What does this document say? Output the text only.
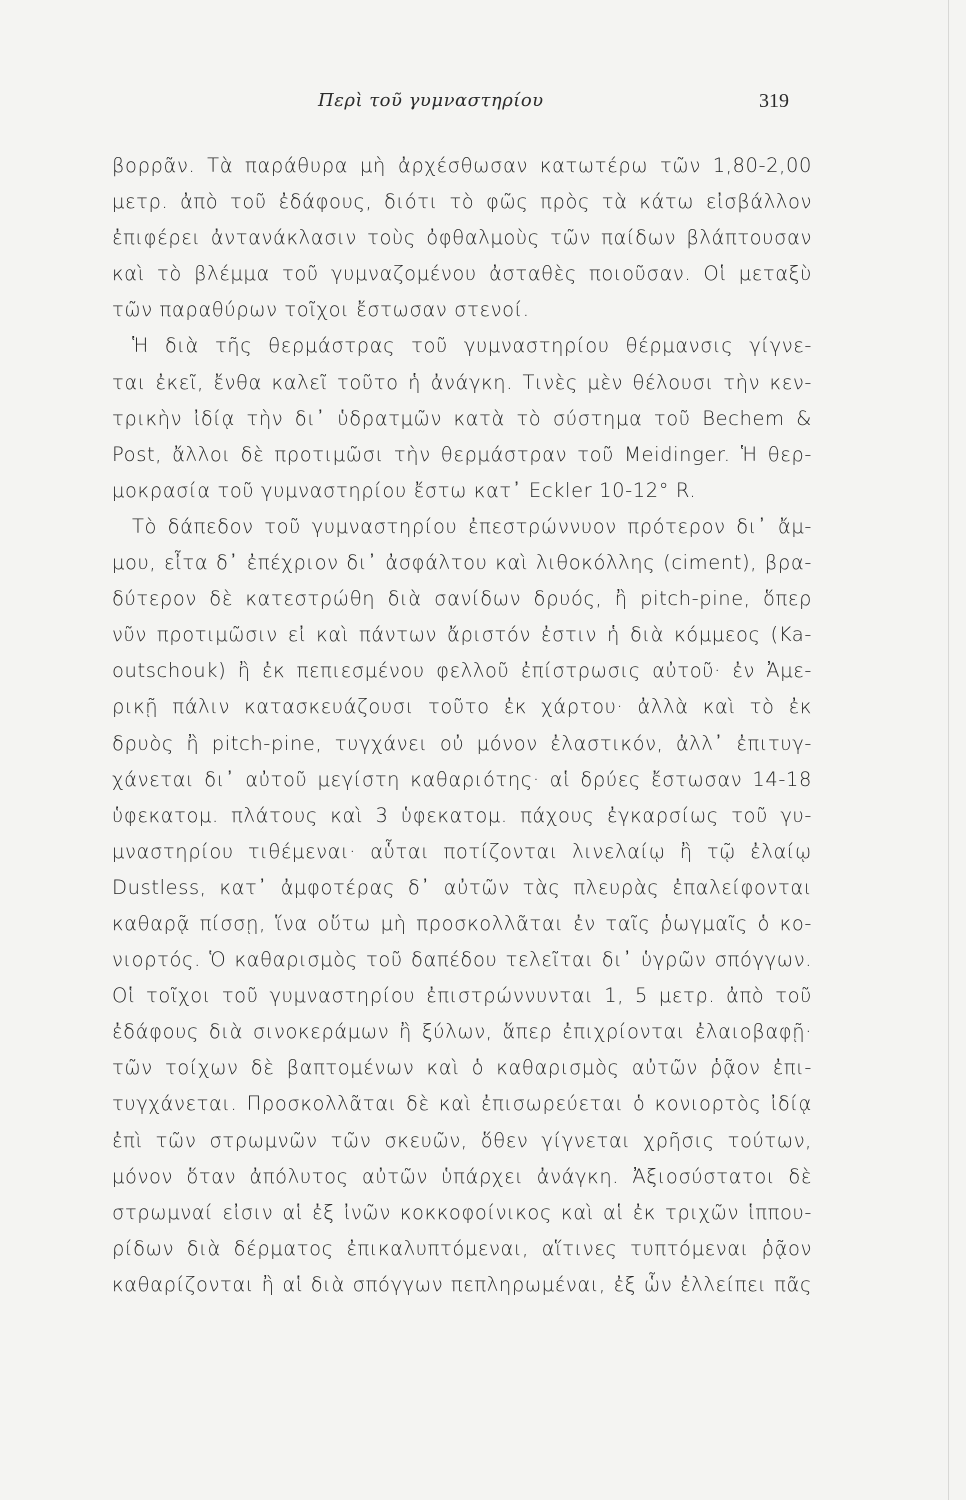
Περὶ τοῦ γυμναστηρίου	319
βορρᾶν. Τὰ παράθυρα μὴ ἀρχέσθωσαν κατωτέρω τῶν 1,80-2,00
μετρ. ἀπὸ τοῦ ἐδάφους, διότι τὸ φῶς πρὸς τὰ κάτω εἰσβάλλον
ἐπιφέρει ἀντανάκλασιν τοὺς ὀφθαλμοὺς τῶν παίδων βλάπτουσαν
καὶ τὸ βλέμμα τοῦ γυμναζομένου ἀσταθὲς ποιοῦσαν. Οἱ μεταξὺ
τῶν παραθύρων τοῖχοι ἔστωσαν στενοί.
Ἡ διὰ τῆς θερμάστρας τοῦ γυμναστηρίου θέρμανσις γίγνε-
ται ἐκεῖ, ἔνθα καλεῖ τοῦτο ἡ ἀνάγκη. Τινὲς μὲν θέλουσι τὴν κεν-
τρικὴν ἰδίᾳ τὴν δι᾽ ὑδρατμῶν κατὰ τὸ σύστημα τοῦ Bechem &
Post, ἄλλοι δὲ προτιμῶσι τὴν θερμάστραν τοῦ Meidinger. Ἡ θερ-
μοκρασία τοῦ γυμναστηρίου ἔστω κατ᾽ Eckler 10-12° R.
Τὸ δάπεδον τοῦ γυμναστηρίου ἐπεστρώννυον πρότερον δι᾽ ἄμ-
μου, εἶτα δ᾽ ἐπέχριον δι᾽ ἀσφάλτου καὶ λιθοκόλλης (ciment), βρα-
δύτερον δὲ κατεστρώθη διὰ σανίδων δρυός, ἢ pitch-pine, ὅπερ
νῦν προτιμῶσιν εἰ καὶ πάντων ἄριστόν ἐστιν ἡ διὰ κόμμεος (Ka-
outschouk) ἢ ἐκ πεπιεσμένου φελλοῦ ἐπίστρωσις αὐτοῦ· ἐν Ἀμε-
ρικῇ πάλιν κατασκευάζουσι τοῦτο ἐκ χάρτου· ἀλλὰ καὶ τὸ ἐκ
δρυὸς ἢ pitch-pine, τυγχάνει οὐ μόνον ἐλαστικόν, ἀλλ᾽ ἐπιτυγ-
χάνεται δι᾽ αὐτοῦ μεγίστη καθαριότης· αἱ δρύες ἔστωσαν 14-18
ὑφεκατομ. πλάτους καὶ 3 ὑφεκατομ. πάχους ἐγκαρσίως τοῦ γυ-
μναστηρίου τιθέμεναι· αὗται ποτίζονται λινελαίῳ ἢ τῷ ἐλαίῳ
Dustless, κατ᾽ ἀμφοτέρας δ᾽ αὐτῶν τὰς πλευρὰς ἐπαλείφονται
καθαρᾷ πίσσῃ, ἵνα οὕτω μὴ προσκολλᾶται ἐν ταῖς ῥωγμαῖς ὁ κο-
νιορτός. Ὁ καθαρισμὸς τοῦ δαπέδου τελεῖται δι᾽ ὑγρῶν σπόγγων.
Οἱ τοῖχοι τοῦ γυμναστηρίου ἐπιστρώννυνται 1, 5 μετρ. ἀπὸ τοῦ
ἐδάφους διὰ σινοκεράμων ἢ ξύλων, ἅπερ ἐπιχρίονται ἐλαιοβαφῇ·
τῶν τοίχων δὲ βαπτομένων καὶ ὁ καθαρισμὸς αὐτῶν ῥᾷον ἐπι-
τυγχάνεται. Προσκολλᾶται δὲ καὶ ἐπισωρεύεται ὁ κονιορτὸς ἰδίᾳ
ἐπὶ τῶν στρωμνῶν τῶν σκευῶν, ὅθεν γίγνεται χρῆσις τούτων,
μόνον ὅταν ἀπόλυτος αὐτῶν ὑπάρχει ἀνάγκη. Ἀξιοσύστατοι δὲ
στρωμναί εἰσιν αἱ ἐξ ἰνῶν κοκκοφοίνικος καὶ αἱ ἐκ τριχῶν ἱππου-
ρίδων διὰ δέρματος ἐπικαλυπτόμεναι, αἵτινες τυπτόμεναι ῥᾷον
καθαρίζονται ἢ αἱ διὰ σπόγγων πεπληρωμέναι, ἐξ ὧν ἐλλείπει πᾶς
